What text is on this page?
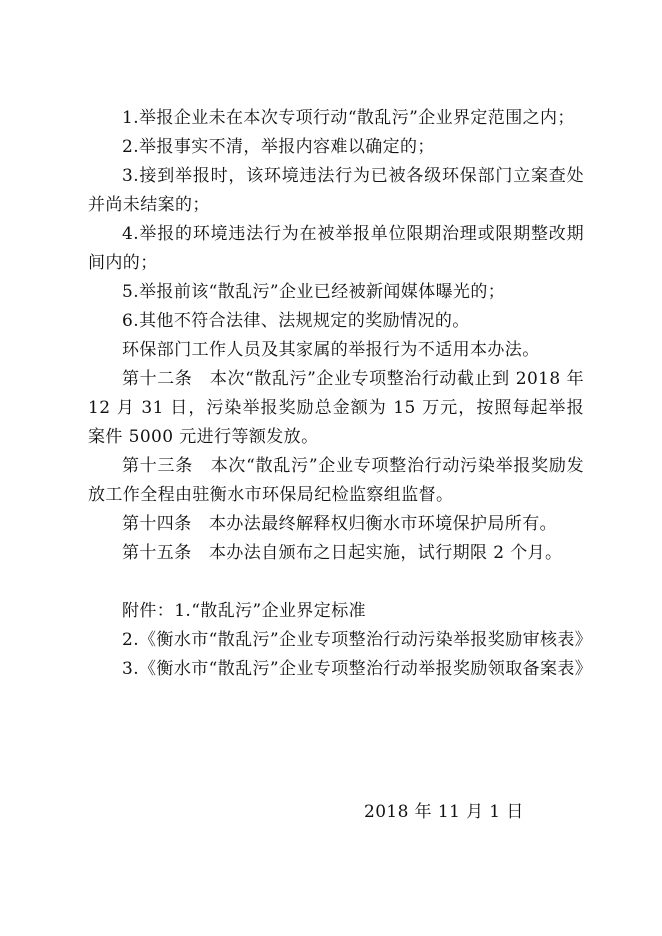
1.举报企业未在本次专项行动“散乱污”企业界定范围之内；

2.举报事实不清，举报内容难以确定的；

3.接到举报时，该环境违法行为已被各级环保部门立案查处并尚未结案的；

4.举报的环境违法行为在被举报单位限期治理或限期整改期间内的；

5.举报前该“散乱污”企业已经被新闻媒体曝光的；

6.其他不符合法律、法规规定的奖励情况的。

环保部门工作人员及其家属的举报行为不适用本办法。

第十二条　本次“散乱污”企业专项整治行动截止到 2018 年 12 月 31 日，污染举报奖励总金额为 15 万元，按照每起举报案件 5000 元进行等额发放。

第十三条　本次“散乱污”企业专项整治行动污染举报奖励发放工作全程由驻衡水市环保局纪检监察组监督。

第十四条　本办法最终解释权归衡水市环境保护局所有。

第十五条　本办法自颁布之日起实施，试行期限 2 个月。

附件：1.“散乱污”企业界定标准

2.《衡水市“散乱污”企业专项整治行动污染举报奖励审核表》

3.《衡水市“散乱污”企业专项整治行动举报奖励领取备案表》

2018 年 11 月 1 日
